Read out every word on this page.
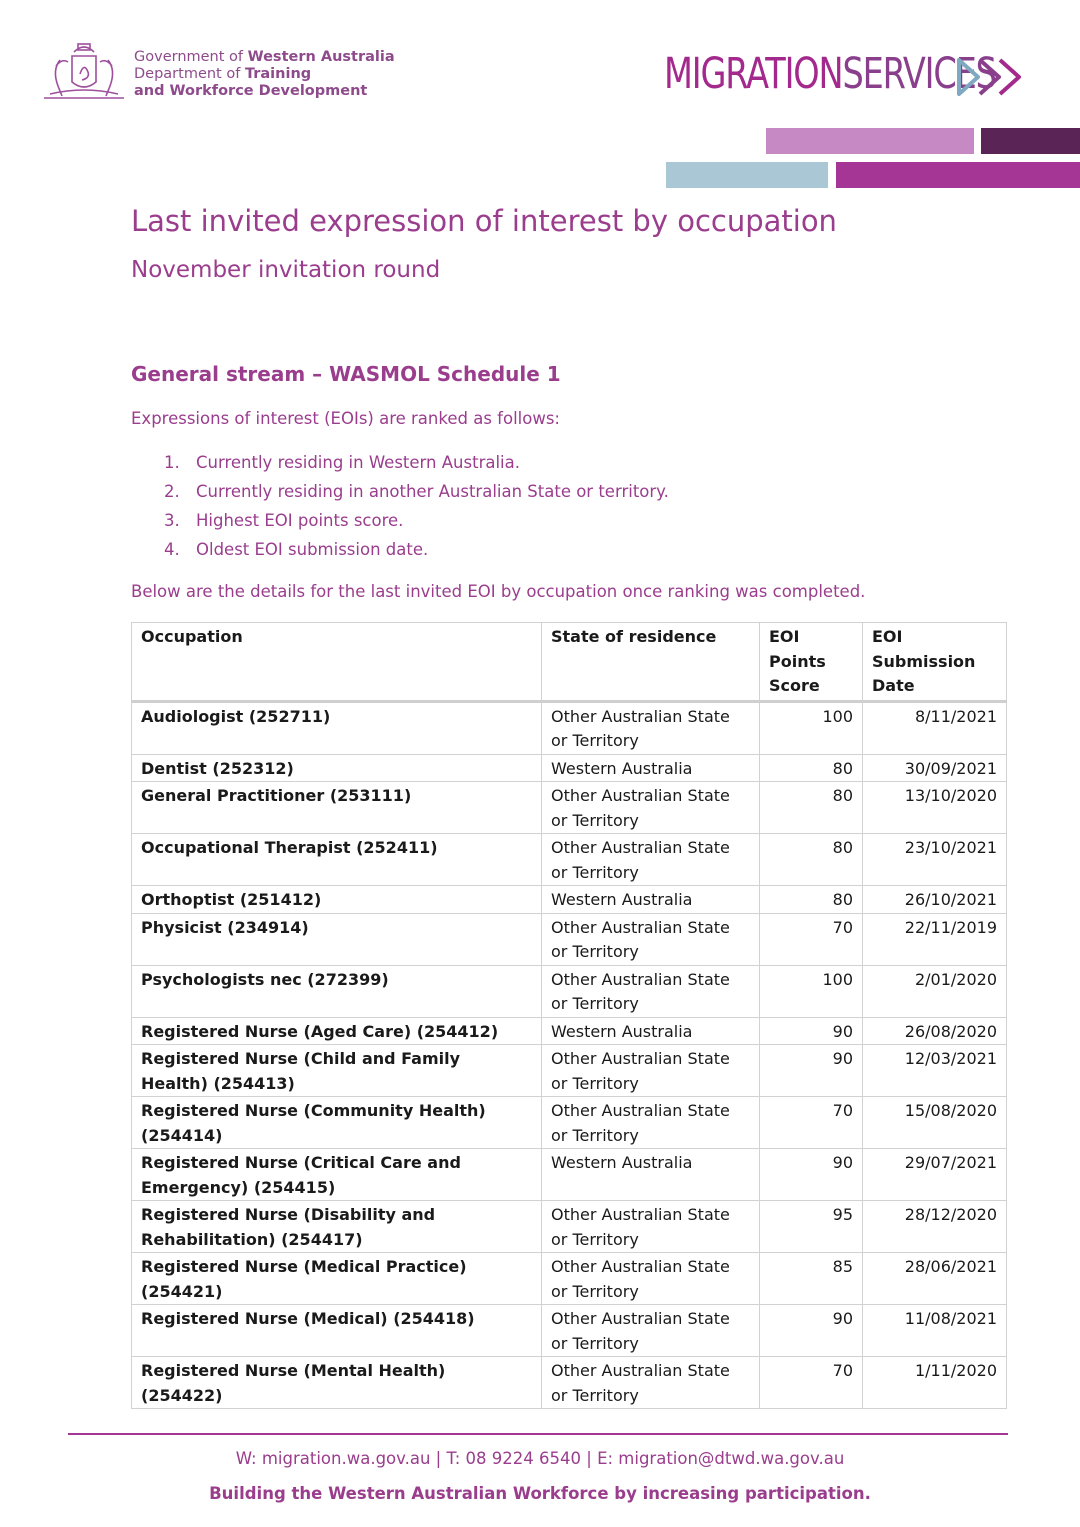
Government of Western Australia
Department of Training
and Workforce Development	MIGRATIONSERVICES
Last invited expression of interest by occupation
November invitation round
General stream – WASMOL Schedule 1

Expressions of interest (EOIs) are ranked as follows:

1. Currently residing in Western Australia.
2. Currently residing in another Australian State or territory.
3. Highest EOI points score.
4. Oldest EOI submission date.

Below are the details for the last invited EOI by occupation once ranking was completed.

Occupation	State of residence	EOI Points Score	EOI Submission Date
Audiologist (252711)	Other Australian State or Territory	100	8/11/2021
Dentist (252312)	Western Australia	80	30/09/2021
General Practitioner (253111)	Other Australian State or Territory	80	13/10/2020
Occupational Therapist (252411)	Other Australian State or Territory	80	23/10/2021
Orthoptist (251412)	Western Australia	80	26/10/2021
Physicist (234914)	Other Australian State or Territory	70	22/11/2019
Psychologists nec (272399)	Other Australian State or Territory	100	2/01/2020
Registered Nurse (Aged Care) (254412)	Western Australia	90	26/08/2020
Registered Nurse (Child and Family Health) (254413)	Other Australian State or Territory	90	12/03/2021
Registered Nurse (Community Health) (254414)	Other Australian State or Territory	70	15/08/2020
Registered Nurse (Critical Care and Emergency) (254415)	Western Australia	90	29/07/2021
Registered Nurse (Disability and Rehabilitation) (254417)	Other Australian State or Territory	95	28/12/2020
Registered Nurse (Medical Practice) (254421)	Other Australian State or Territory	85	28/06/2021
Registered Nurse (Medical) (254418)	Other Australian State or Territory	90	11/08/2021
Registered Nurse (Mental Health) (254422)	Other Australian State or Territory	70	1/11/2020
W: migration.wa.gov.au | T: 08 9224 6540 | E: migration@dtwd.wa.gov.au
Building the Western Australian Workforce by increasing participation.
